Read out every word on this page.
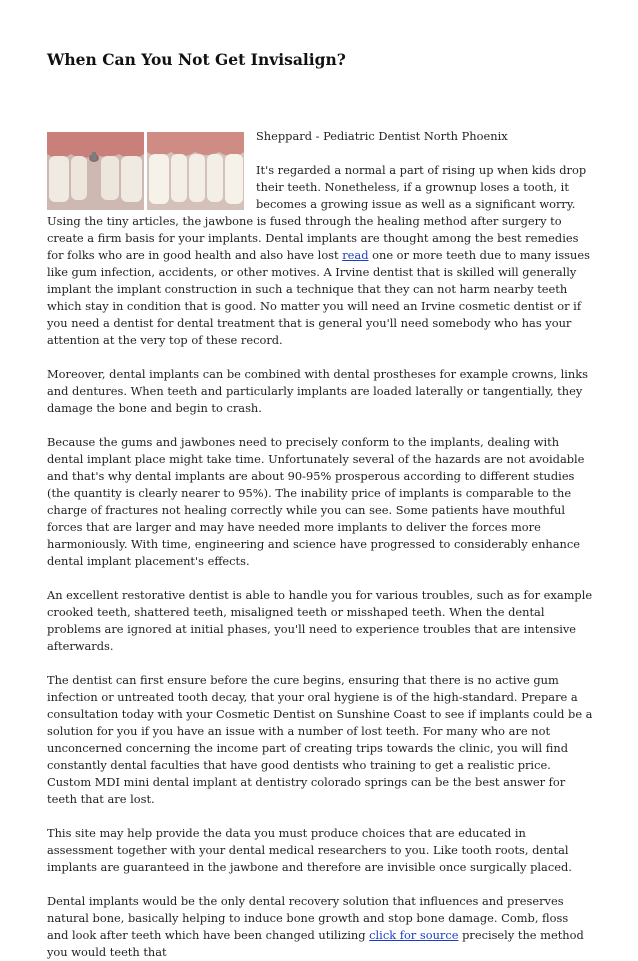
When Can You Not Get Invisalign?

Sheppard - Pediatric Dentist North Phoenix

It's regarded a normal a part of rising up when kids drop their teeth. Nonetheless, if a grownup loses a tooth, it becomes a growing issue as well as a significant worry. Using the tiny articles, the jawbone is fused through the healing method after surgery to create a firm basis for your implants. Dental implants are thought among the best remedies for folks who are in good health and also have lost read one or more teeth due to many issues like gum infection, accidents, or other motives. A Irvine dentist that is skilled will generally implant the implant construction in such a technique that they can not harm nearby teeth which stay in condition that is good. No matter you will need an Irvine cosmetic dentist or if you need a dentist for dental treatment that is general you'll need somebody who has your attention at the very top of these record.

Moreover, dental implants can be combined with dental prostheses for example crowns, links and dentures. When teeth and particularly implants are loaded laterally or tangentially, they damage the bone and begin to crash.

Because the gums and jawbones need to precisely conform to the implants, dealing with dental implant place might take time. Unfortunately several of the hazards are not avoidable and that's why dental implants are about 90-95% prosperous according to different studies (the quantity is clearly nearer to 95%). The inability price of implants is comparable to the charge of fractures not healing correctly while you can see. Some patients have mouthful forces that are larger and may have needed more implants to deliver the forces more harmoniously. With time, engineering and science have progressed to considerably enhance dental implant placement's effects.

An excellent restorative dentist is able to handle you for various troubles, such as for example crooked teeth, shattered teeth, misaligned teeth or misshaped teeth. When the dental problems are ignored at initial phases, you'll need to experience troubles that are intensive afterwards.

The dentist can first ensure before the cure begins, ensuring that there is no active gum infection or untreated tooth decay, that your oral hygiene is of the high-standard. Prepare a consultation today with your Cosmetic Dentist on Sunshine Coast to see if implants could be a solution for you if you have an issue with a number of lost teeth. For many who are not unconcerned concerning the income part of creating trips towards the clinic, you will find constantly dental faculties that have good dentists who training to get a realistic price. Custom MDI mini dental implant at dentistry colorado springs can be the best answer for teeth that are lost.

This site may help provide the data you must produce choices that are educated in assessment together with your dental medical researchers to you. Like tooth roots, dental implants are guaranteed in the jawbone and therefore are invisible once surgically placed.

Dental implants would be the only dental recovery solution that influences and preserves natural bone, basically helping to induce bone growth and stop bone damage. Comb, floss and look after teeth which have been changed utilizing click for source precisely the method you would teeth that
